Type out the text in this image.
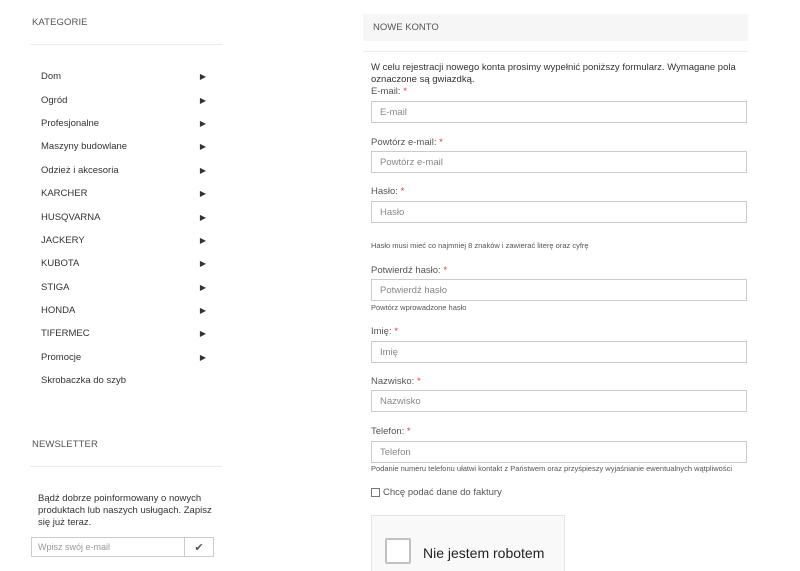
KATEGORIE
Dom	▶
Ogród	▶
Profesjonalne	▶
Maszyny budowlane	▶
Odzież i akcesoria	▶
KARCHER	▶
HUSQVARNA	▶
JACKERY	▶
KUBOTA	▶
STIGA	▶
HONDA	▶
TIFERMEC	▶
Promocje	▶
Skrobaczka do szyb
NEWSLETTER
Bądź dobrze poinformowany o nowych produktach lub naszych usługach. Zapisz się już teraz.
Wpisz swój e-mail
✔
NOWE KONTO
W celu rejestracji nowego konta prosimy wypełnić poniższy formularz. Wymagane pola oznaczone są gwiazdką.
E-mail: *
E-mail
Powtórz e-mail: *
Powtórz e-mail
Hasło: *
Hasło
Hasło musi mieć co najmniej 8 znaków i zawierać literę oraz cyfrę
Potwierdź hasło: *
Potwierdź hasło
Powtórz wprowadzone hasło
Imię: *
Imię
Nazwisko: *
Nazwisko
Telefon: *
Telefon
Podanie numeru telefonu ułatwi kontakt z Państwem oraz przyśpieszy wyjaśnianie ewentualnych wątpliwości
Chcę podać dane do faktury
Nie jestem robotem
